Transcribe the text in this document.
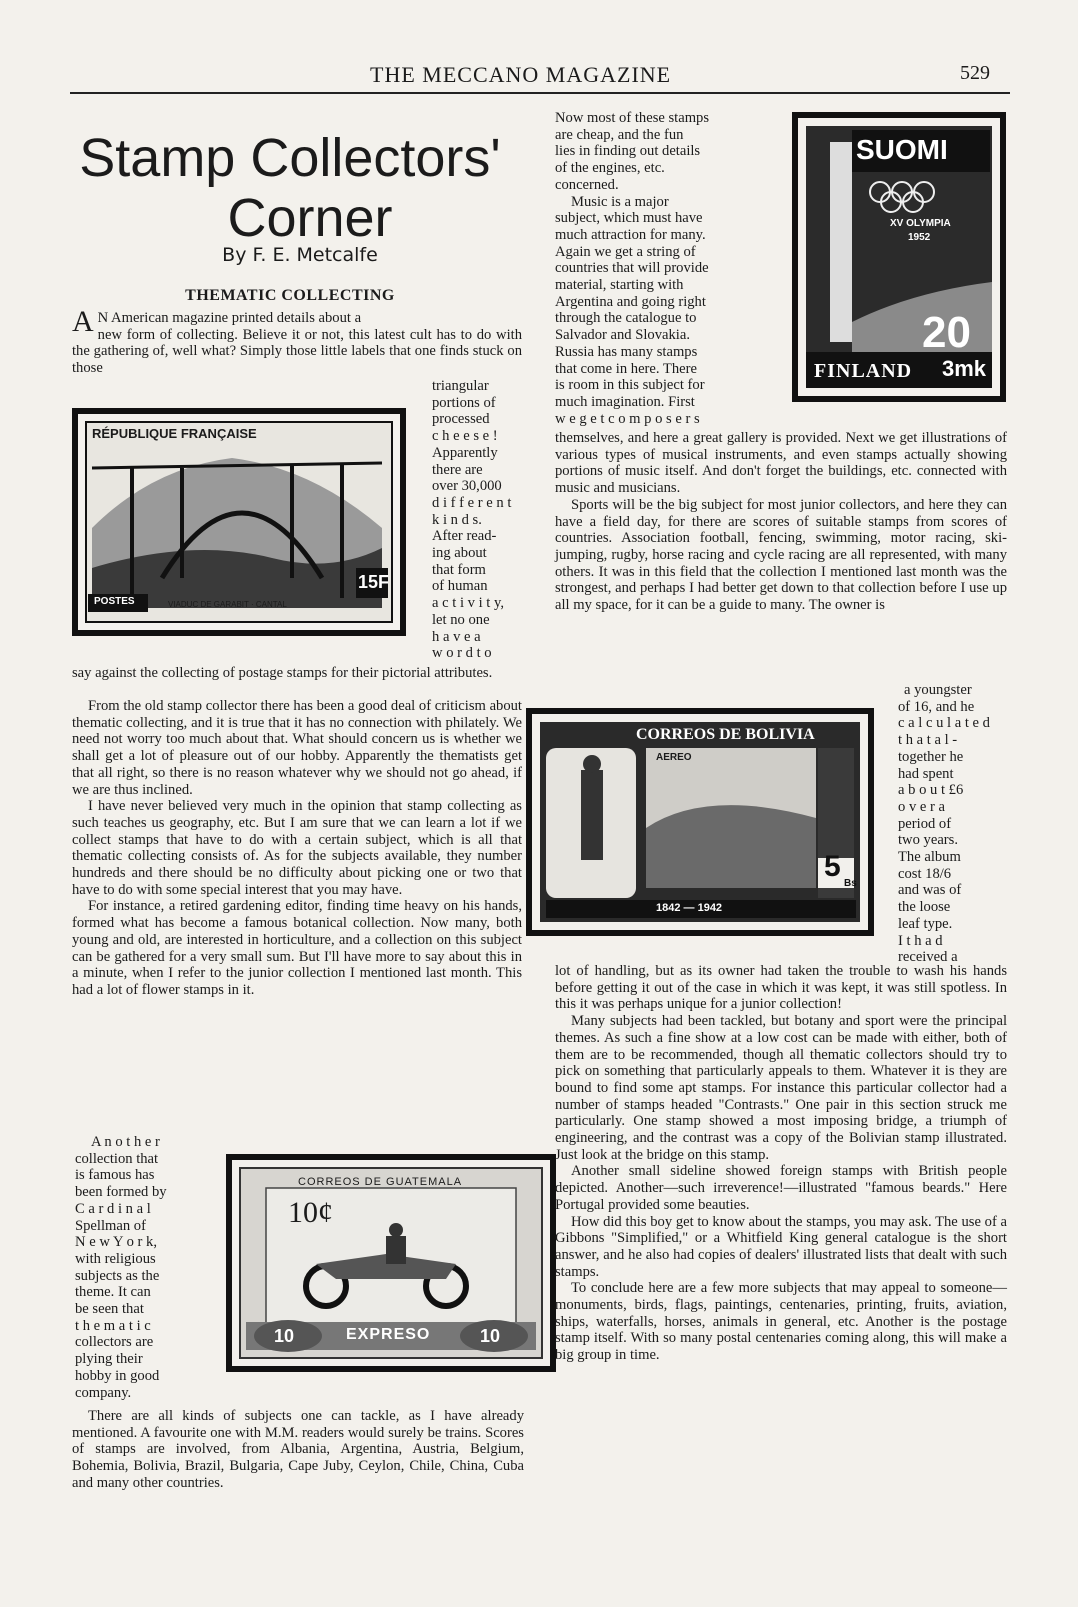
THE MECCANO MAGAZINE	529
Stamp Collectors'
Corner
By F. E. Metcalfe
THEMATIC COLLECTING

A N American magazine printed details about a

new form of collecting. Believe it or not, this latest cult has to do with the gathering of, well what? Simply those little labels that one finds stuck on those

triangular
portions of
processed
c h e e s e !
Apparently
there are
over 30,000
d i f f e r e n t
k i n d s.
After read-
ing about
that form
of human
a c t i v i t y,
let no one
h a v e a
w o r d t o
RÉPUBLIQUE FRANÇAISE
POSTES	VIADUC DE GARABIT · CANTAL
15F

say against the collecting of postage stamps for their pictorial attributes.

From the old stamp collector there has been a good deal of criticism about thematic collecting, and it is true that it has no connection with philately. We need not worry too much about that. What should concern us is whether we shall get a lot of pleasure out of our hobby. Apparently the thematists get that all right, so there is no reason whatever why we should not go ahead, if we are thus inclined.

I have never believed very much in the opinion that stamp collecting as such teaches us geography, etc. But I am sure that we can learn a lot if we collect stamps that have to do with a certain subject, which is all that thematic collecting consists of. As for the subjects available, they number hundreds and there should be no difficulty about picking one or two that have to do with some special interest that you may have.

For instance, a retired gardening editor, finding time heavy on his hands, formed what has become a famous botanical collection. Now many, both young and old, are interested in horticulture, and a collection on this subject can be gathered for a very small sum. But I'll have more to say about this in a minute, when I refer to the junior collection I mentioned last month. This had a lot of flower stamps in it.

A n o t h e r
collection that
is famous has
been formed by
C a r d i n a l
Spellman of
N e w Y o r k,
with religious
subjects as the
theme. It can
be seen that
t h e m a t i c
collectors are
plying their
hobby in good
company.
CORREOS DE GUATEMALA
10¢
EXPRESO
10	10

There are all kinds of subjects one can tackle, as I have already mentioned. A favourite one with M.M. readers would surely be trains. Scores of stamps are involved, from Albania, Argentina, Austria, Belgium, Bohemia, Bolivia, Brazil, Bulgaria, Cape Juby, Ceylon, Chile, China, Cuba and many other countries.

Now most of these stamps
are cheap, and the fun
lies in finding out details
of the engines, etc.
concerned.
Music is a major
subject, which must have
much attraction for many.
Again we get a string of
countries that will provide
material, starting with
Argentina and going right
through the catalogue to
Salvador and Slovakia.
Russia has many stamps
that come in here. There
is room in this subject for
much imagination. First
w e g e t c o m p o s e r s
SUOMI
XV OLYMPIA
1952
20
FINLAND 3mk

themselves, and here a great gallery is provided. Next we get illustrations of various types of musical instruments, and even stamps actually showing portions of music itself. And don't forget the buildings, etc. connected with music and musicians.

Sports will be the big subject for most junior collectors, and here they can have a field day, for there are scores of suitable stamps from scores of countries. Association football, fencing, swimming, motor racing, ski-jumping, rugby, horse racing and cycle racing are all represented, with many others. It was in this field that the collection I mentioned last month was the strongest, and perhaps I had better get down to that collection before I use up all my space, for it can be a guide to many. The owner is

a youngster
of 16, and he
c a l c u l a t e d
t h a t a l -
together he
had spent
a b o u t £6
o v e r a
period of
two years.
The album
cost 18/6
and was of
the loose
leaf type.
I t h a d
received a
CORREOS DE BOLIVIA
AEREO
5
Bs
1842 — 1942

lot of handling, but as its owner had taken the trouble to wash his hands before getting it out of the case in which it was kept, it was still spotless. In this it was perhaps unique for a junior collection!

Many subjects had been tackled, but botany and sport were the principal themes. As such a fine show at a low cost can be made with either, both of them are to be recommended, though all thematic collectors should try to pick on something that particularly appeals to them. Whatever it is they are bound to find some apt stamps. For instance this particular collector had a number of stamps headed "Contrasts." One pair in this section struck me particularly. One stamp showed a most imposing bridge, a triumph of engineering, and the contrast was a copy of the Bolivian stamp illustrated. Just look at the bridge on this stamp.

Another small sideline showed foreign stamps with British people depicted. Another—such irreverence!—illustrated "famous beards." Here Portugal provided some beauties.

How did this boy get to know about the stamps, you may ask. The use of a Gibbons "Simplified," or a Whitfield King general catalogue is the short answer, and he also had copies of dealers' illustrated lists that dealt with such stamps.

To conclude here are a few more subjects that may appeal to someone—monuments, birds, flags, paintings, centenaries, printing, fruits, aviation, ships, waterfalls, horses, animals in general, etc. Another is the postage stamp itself. With so many postal centenaries coming along, this will make a big group in time.
